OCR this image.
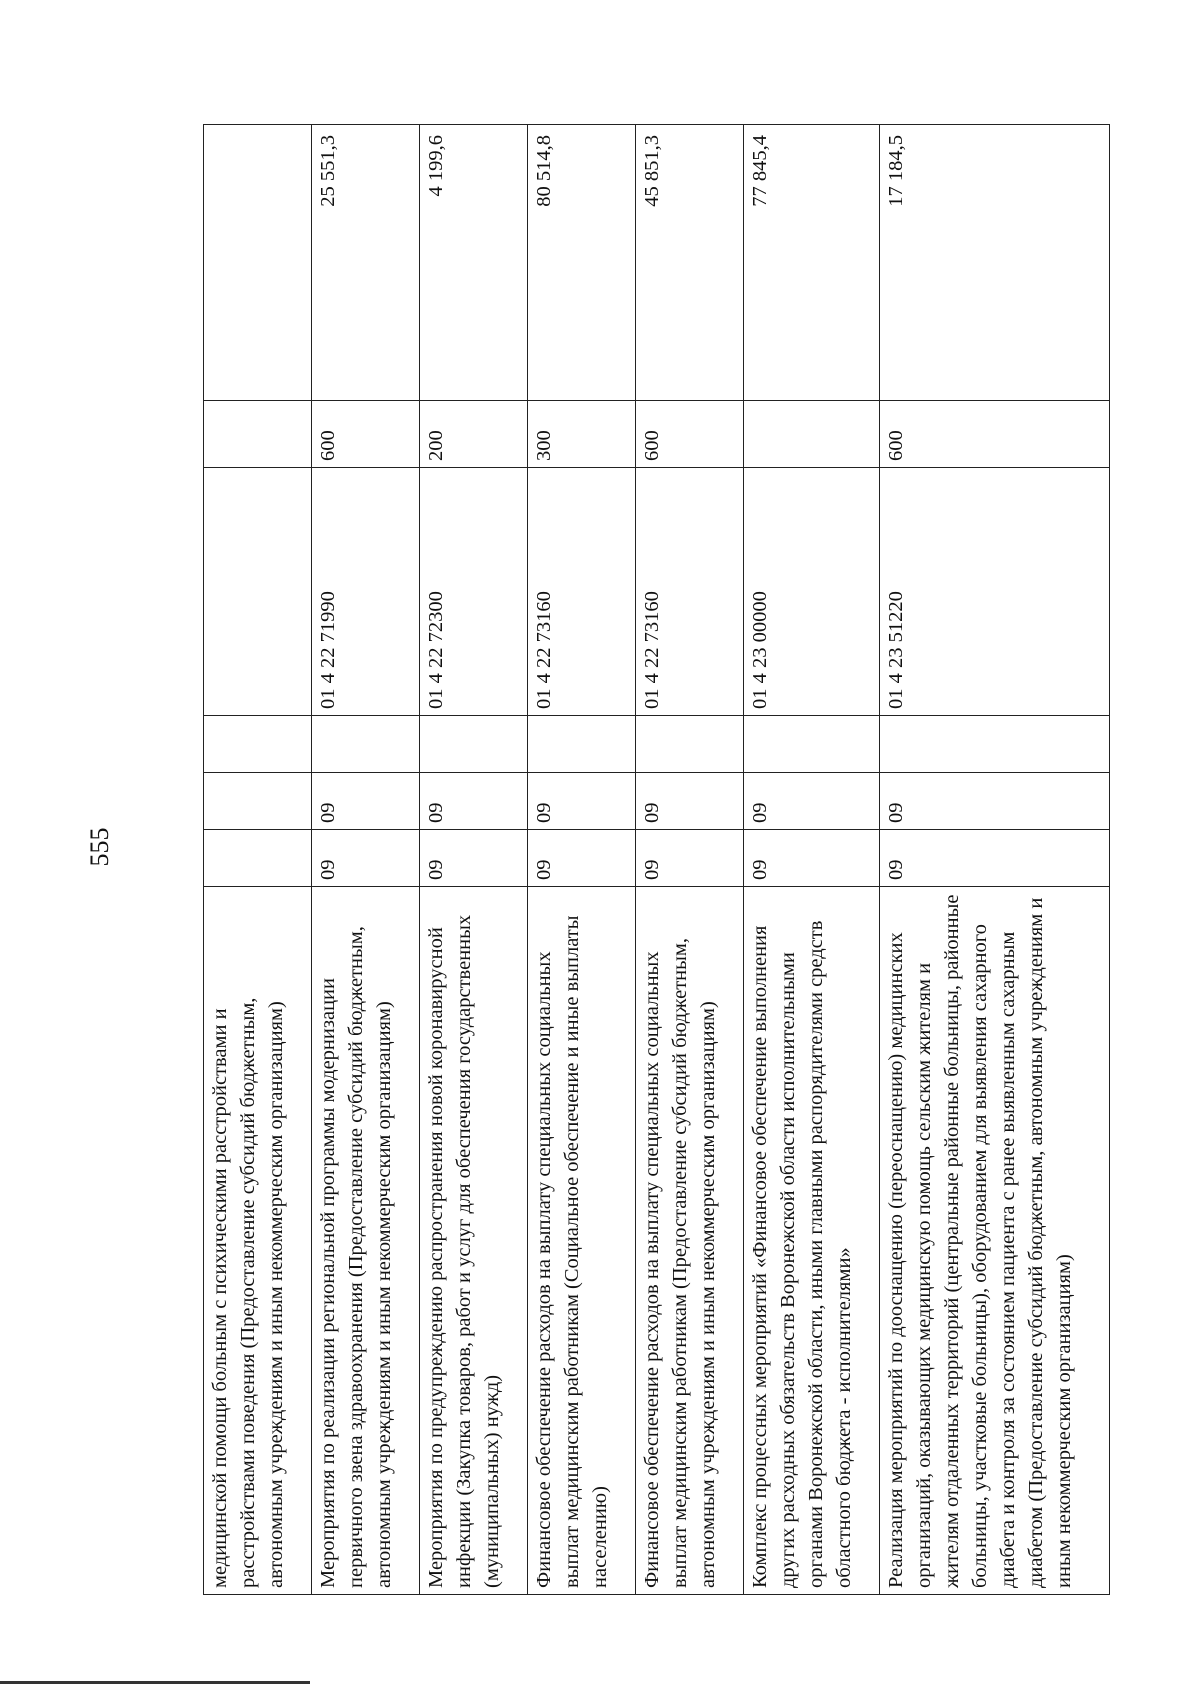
555
медицинской помощи больным с психическими расстройствами и расстройствами поведения (Предоставление субсидий бюджетным, автономным учреждениям и иным некоммерческим организациям)						
Мероприятия по реализации региональной программы модернизации первичного звена здравоохранения (Предоставление субсидий бюджетным, автономным учреждениям и иным некоммерческим организациям)	09	09		01 4 22 71990	600	25 551,3
Мероприятия по предупреждению распространения новой коронавирусной инфекции (Закупка товаров, работ и услуг для обеспечения государственных (муниципальных) нужд)	09	09		01 4 22 72300	200	4 199,6
Финансовое обеспечение расходов на выплату специальных социальных выплат медицинским работникам (Социальное обеспечение и иные выплаты населению)	09	09		01 4 22 73160	300	80 514,8
Финансовое обеспечение расходов на выплату специальных социальных выплат медицинским работникам (Предоставление субсидий бюджетным, автономным учреждениям и иным некоммерческим организациям)	09	09		01 4 22 73160	600	45 851,3
Комплекс процессных мероприятий «Финансовое обеспечение выполнения других расходных обязательств Воронежской области исполнительными органами Воронежской области, иными главными распорядителями средств областного бюджета - исполнителями»	09	09		01 4 23 00000		77 845,4
Реализация мероприятий по дооснащению (переоснащению) медицинских организаций, оказывающих медицинскую помощь сельским жителям и жителям отдаленных территорий (центральные районные больницы, районные больницы, участковые больницы), оборудованием для выявления сахарного диабета и контроля за состоянием пациента с ранее выявленным сахарным диабетом (Предоставление субсидий бюджетным, автономным учреждениям и иным некоммерческим организациям)	09	09		01 4 23 51220	600	17 184,5
